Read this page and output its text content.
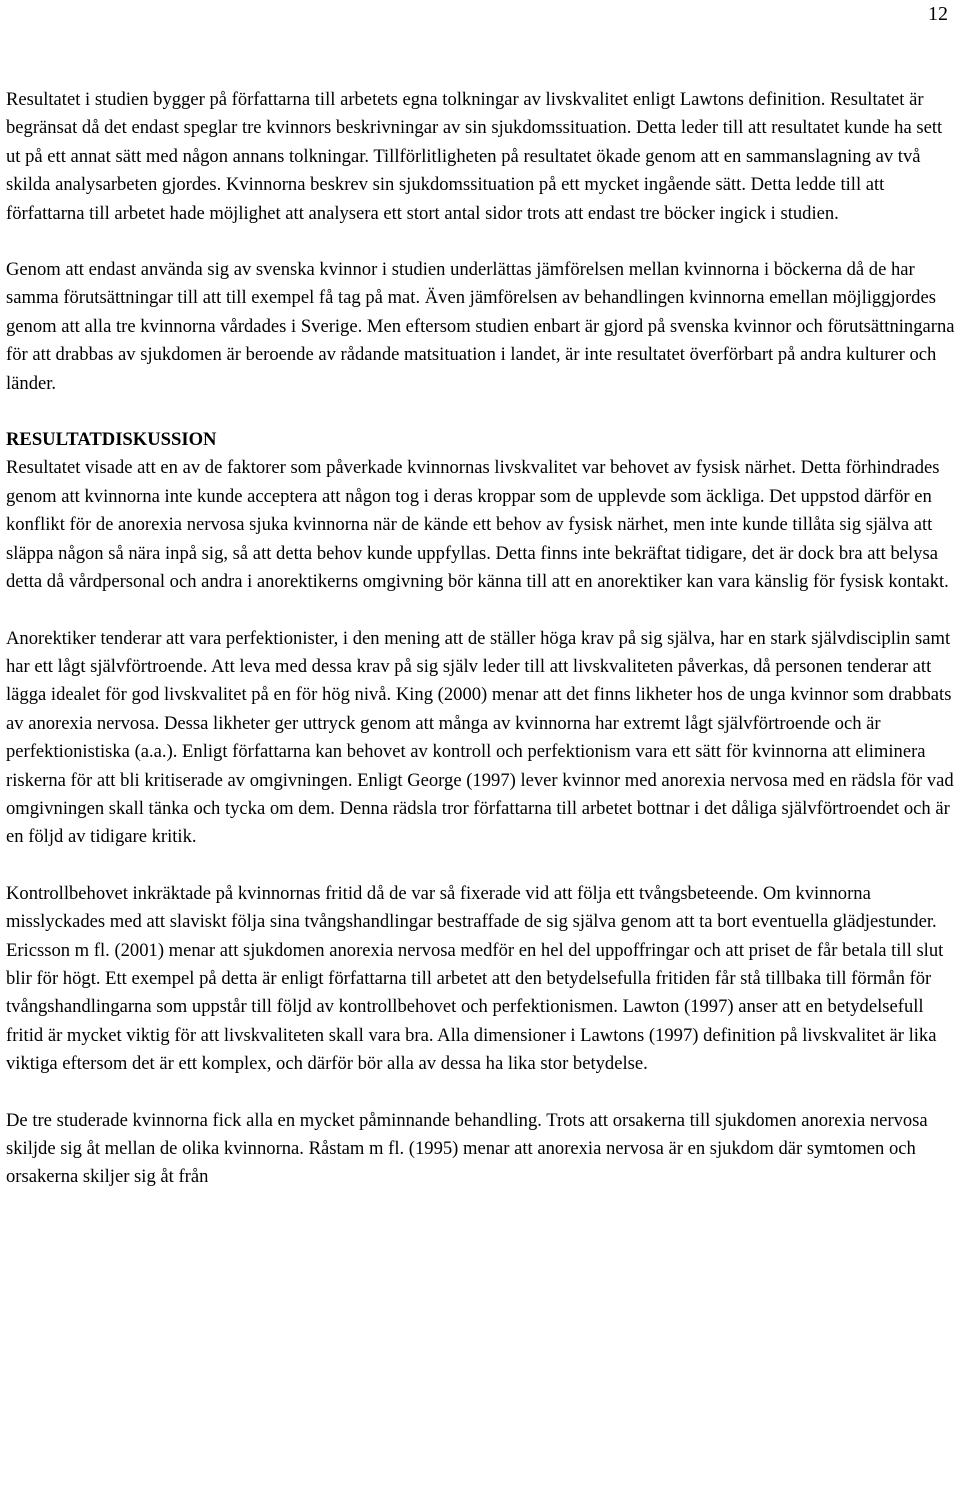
12

Resultatet i studien bygger på författarna till arbetets egna tolkningar av livskvalitet enligt Lawtons definition. Resultatet är begränsat då det endast speglar tre kvinnors beskrivningar av sin sjukdomssituation. Detta leder till att resultatet kunde ha sett ut på ett annat sätt med någon annans tolkningar. Tillförlitligheten på resultatet ökade genom att en sammanslagning av två skilda analysarbeten gjordes. Kvinnorna beskrev sin sjukdomssituation på ett mycket ingående sätt. Detta ledde till att författarna till arbetet hade möjlighet att analysera ett stort antal sidor trots att endast tre böcker ingick i studien.

Genom att endast använda sig av svenska kvinnor i studien underlättas jämförelsen mellan kvinnorna i böckerna då de har samma förutsättningar till att till exempel få tag på mat. Även jämförelsen av behandlingen kvinnorna emellan möjliggjordes genom att alla tre kvinnorna vårdades i Sverige. Men eftersom studien enbart är gjord på svenska kvinnor och förutsättningarna för att drabbas av sjukdomen är beroende av rådande matsituation i landet, är inte resultatet överförbart på andra kulturer och länder.

RESULTATDISKUSSION

Resultatet visade att en av de faktorer som påverkade kvinnornas livskvalitet var behovet av fysisk närhet. Detta förhindrades genom att kvinnorna inte kunde acceptera att någon tog i deras kroppar som de upplevde som äckliga. Det uppstod därför en konflikt för de anorexia nervosa sjuka kvinnorna när de kände ett behov av fysisk närhet, men inte kunde tillåta sig själva att släppa någon så nära inpå sig, så att detta behov kunde uppfyllas. Detta finns inte bekräftat tidigare, det är dock bra att belysa detta då vårdpersonal och andra i anorektikerns omgivning bör känna till att en anorektiker kan vara känslig för fysisk kontakt.

Anorektiker tenderar att vara perfektionister, i den mening att de ställer höga krav på sig själva, har en stark självdisciplin samt har ett lågt självförtroende. Att leva med dessa krav på sig själv leder till att livskvaliteten påverkas, då personen tenderar att lägga idealet för god livskvalitet på en för hög nivå. King (2000) menar att det finns likheter hos de unga kvinnor som drabbats av anorexia nervosa. Dessa likheter ger uttryck genom att många av kvinnorna har extremt lågt självförtroende och är perfektionistiska (a.a.). Enligt författarna kan behovet av kontroll och perfektionism vara ett sätt för kvinnorna att eliminera riskerna för att bli kritiserade av omgivningen. Enligt George (1997) lever kvinnor med anorexia nervosa med en rädsla för vad omgivningen skall tänka och tycka om dem. Denna rädsla tror författarna till arbetet bottnar i det dåliga självförtroendet och är en följd av tidigare kritik.

Kontrollbehovet inkräktade på kvinnornas fritid då de var så fixerade vid att följa ett tvångsbeteende. Om kvinnorna misslyckades med att slaviskt följa sina tvångshandlingar bestraffade de sig själva genom att ta bort eventuella glädjestunder. Ericsson m fl. (2001) menar att sjukdomen anorexia nervosa medför en hel del uppoffringar och att priset de får betala till slut blir för högt. Ett exempel på detta är enligt författarna till arbetet att den betydelsefulla fritiden får stå tillbaka till förmån för tvångshandlingarna som uppstår till följd av kontrollbehovet och perfektionismen. Lawton (1997) anser att en betydelsefull fritid är mycket viktig för att livskvaliteten skall vara bra. Alla dimensioner i Lawtons (1997) definition på livskvalitet är lika viktiga eftersom det är ett komplex, och därför bör alla av dessa ha lika stor betydelse.

De tre studerade kvinnorna fick alla en mycket påminnande behandling. Trots att orsakerna till sjukdomen anorexia nervosa skiljde sig åt mellan de olika kvinnorna. Råstam m fl. (1995) menar att anorexia nervosa är en sjukdom där symtomen och orsakerna skiljer sig åt från
